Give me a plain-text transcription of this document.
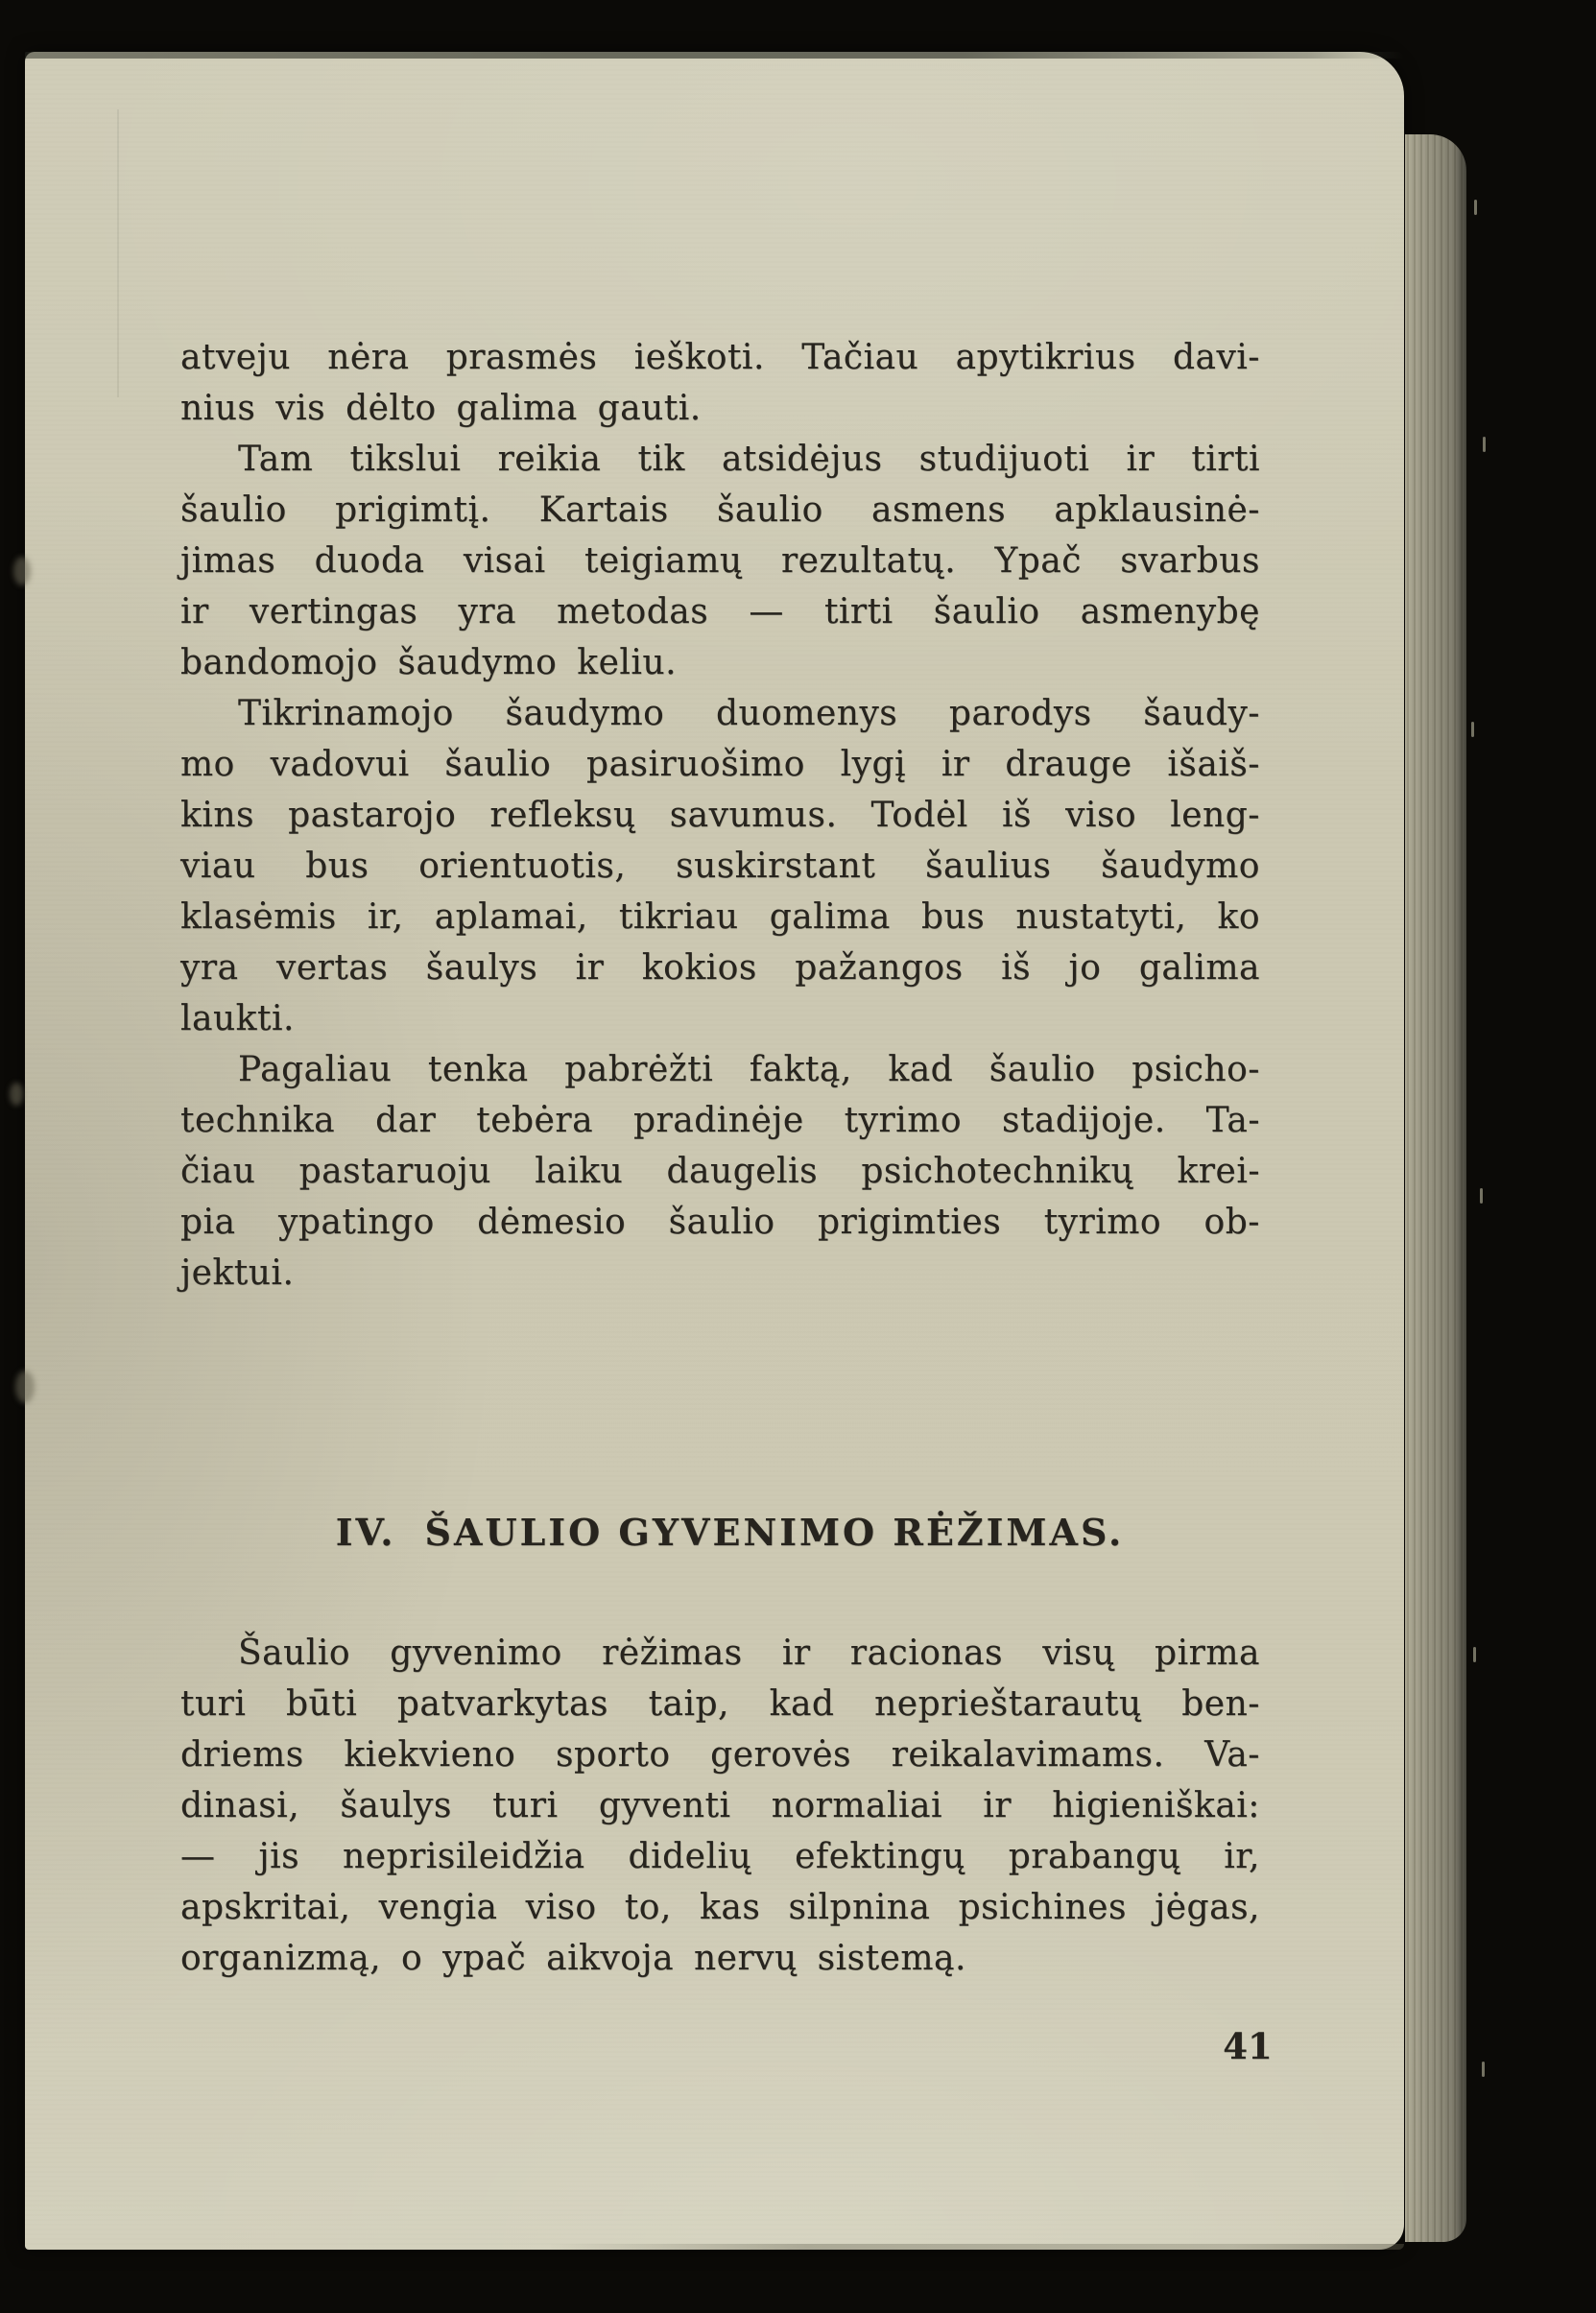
atveju nėra prasmės ieškoti. Tačiau apytikrius davi-
nius vis dėlto galima gauti.
Tam tikslui reikia tik atsidėjus studijuoti ir tirti
šaulio prigimtį. Kartais šaulio asmens apklausinė-
jimas duoda visai teigiamų rezultatų. Ypač svarbus
ir vertingas yra metodas — tirti šaulio asmenybę
bandomojo šaudymo keliu.
Tikrinamojo šaudymo duomenys parodys šaudy-
mo vadovui šaulio pasiruošimo lygį ir drauge išaiš-
kins pastarojo refleksų savumus. Todėl iš viso leng-
viau bus orientuotis, suskirstant šaulius šaudymo
klasėmis ir, aplamai, tikriau galima bus nustatyti, ko
yra vertas šaulys ir kokios pažangos iš jo galima
laukti.
Pagaliau tenka pabrėžti faktą, kad šaulio psicho-
technika dar tebėra pradinėje tyrimo stadijoje. Ta-
čiau pastaruoju laiku daugelis psichotechnikų krei-
pia ypatingo dėmesio šaulio prigimties tyrimo ob-
jektui.
IV. ŠAULIO GYVENIMO RĖŽIMAS.
Šaulio gyvenimo rėžimas ir racionas visų pirma
turi būti patvarkytas taip, kad neprieštarautų ben-
driems kiekvieno sporto gerovės reikalavimams. Va-
dinasi, šaulys turi gyventi normaliai ir higieniškai:
— jis neprisileidžia didelių efektingų prabangų ir,
apskritai, vengia viso to, kas silpnina psichines jėgas,
organizmą, o ypač aikvoja nervų sistemą.
41
